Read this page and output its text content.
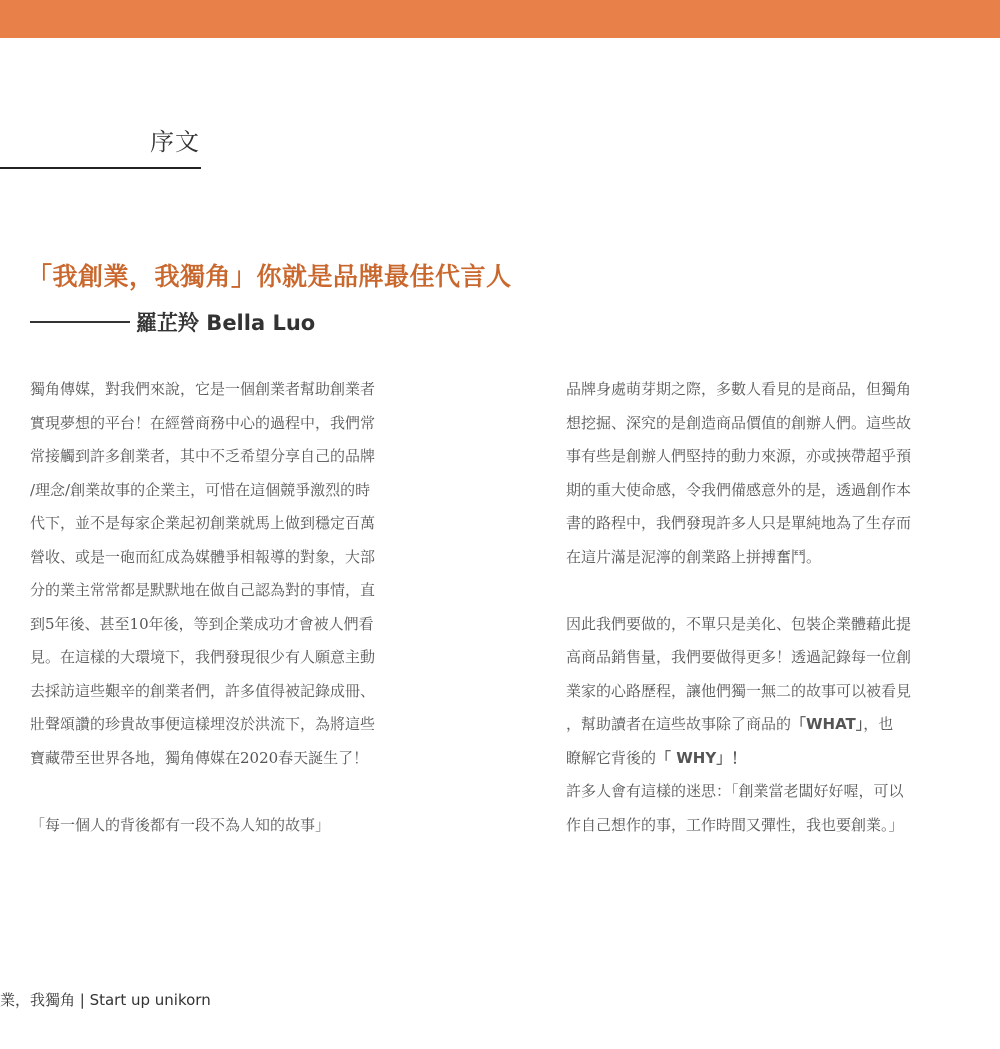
序文
「我創業，我獨角」你就是品牌最佳代言人
羅芷羚 Bella Luo
獨角傳媒，對我們來說，它是一個創業者幫助創業者
實現夢想的平台！在經營商務中心的過程中，我們常
常接觸到許多創業者，其中不乏希望分享自己的品牌
/理念/創業故事的企業主，可惜在這個競爭激烈的時
代下，並不是每家企業起初創業就馬上做到穩定百萬
營收、或是一砲而紅成為媒體爭相報導的對象，大部
分的業主常常都是默默地在做自己認為對的事情，直
到5年後、甚至10年後，等到企業成功才會被人們看
見。在這樣的大環境下，我們發現很少有人願意主動
去採訪這些艱辛的創業者們，許多值得被記錄成冊、
壯聲頌讚的珍貴故事便這樣埋沒於洪流下，為將這些
寶藏帶至世界各地，獨角傳媒在2020春天誕生了！
「每一個人的背後都有一段不為人知的故事」
品牌身處萌芽期之際，多數人看見的是商品，但獨角
想挖掘、深究的是創造商品價值的創辦人們。這些故
事有些是創辦人們堅持的動力來源，亦或挾帶超乎預
期的重大使命感，令我們備感意外的是，透過創作本
書的路程中，我們發現許多人只是單純地為了生存而
在這片滿是泥濘的創業路上拼搏奮鬥。
因此我們要做的，不單只是美化、包裝企業體藉此提
高商品銷售量，我們要做得更多！透過記錄每一位創
業家的心路歷程，讓他們獨一無二的故事可以被看見
，幫助讀者在這些故事除了商品的「WHAT」，也
瞭解它背後的「 WHY」！
許多人會有這樣的迷思：「創業當老闆好好喔，可以
作自己想作的事，工作時間又彈性，我也要創業。」
業，我獨角 | Start up unikorn
